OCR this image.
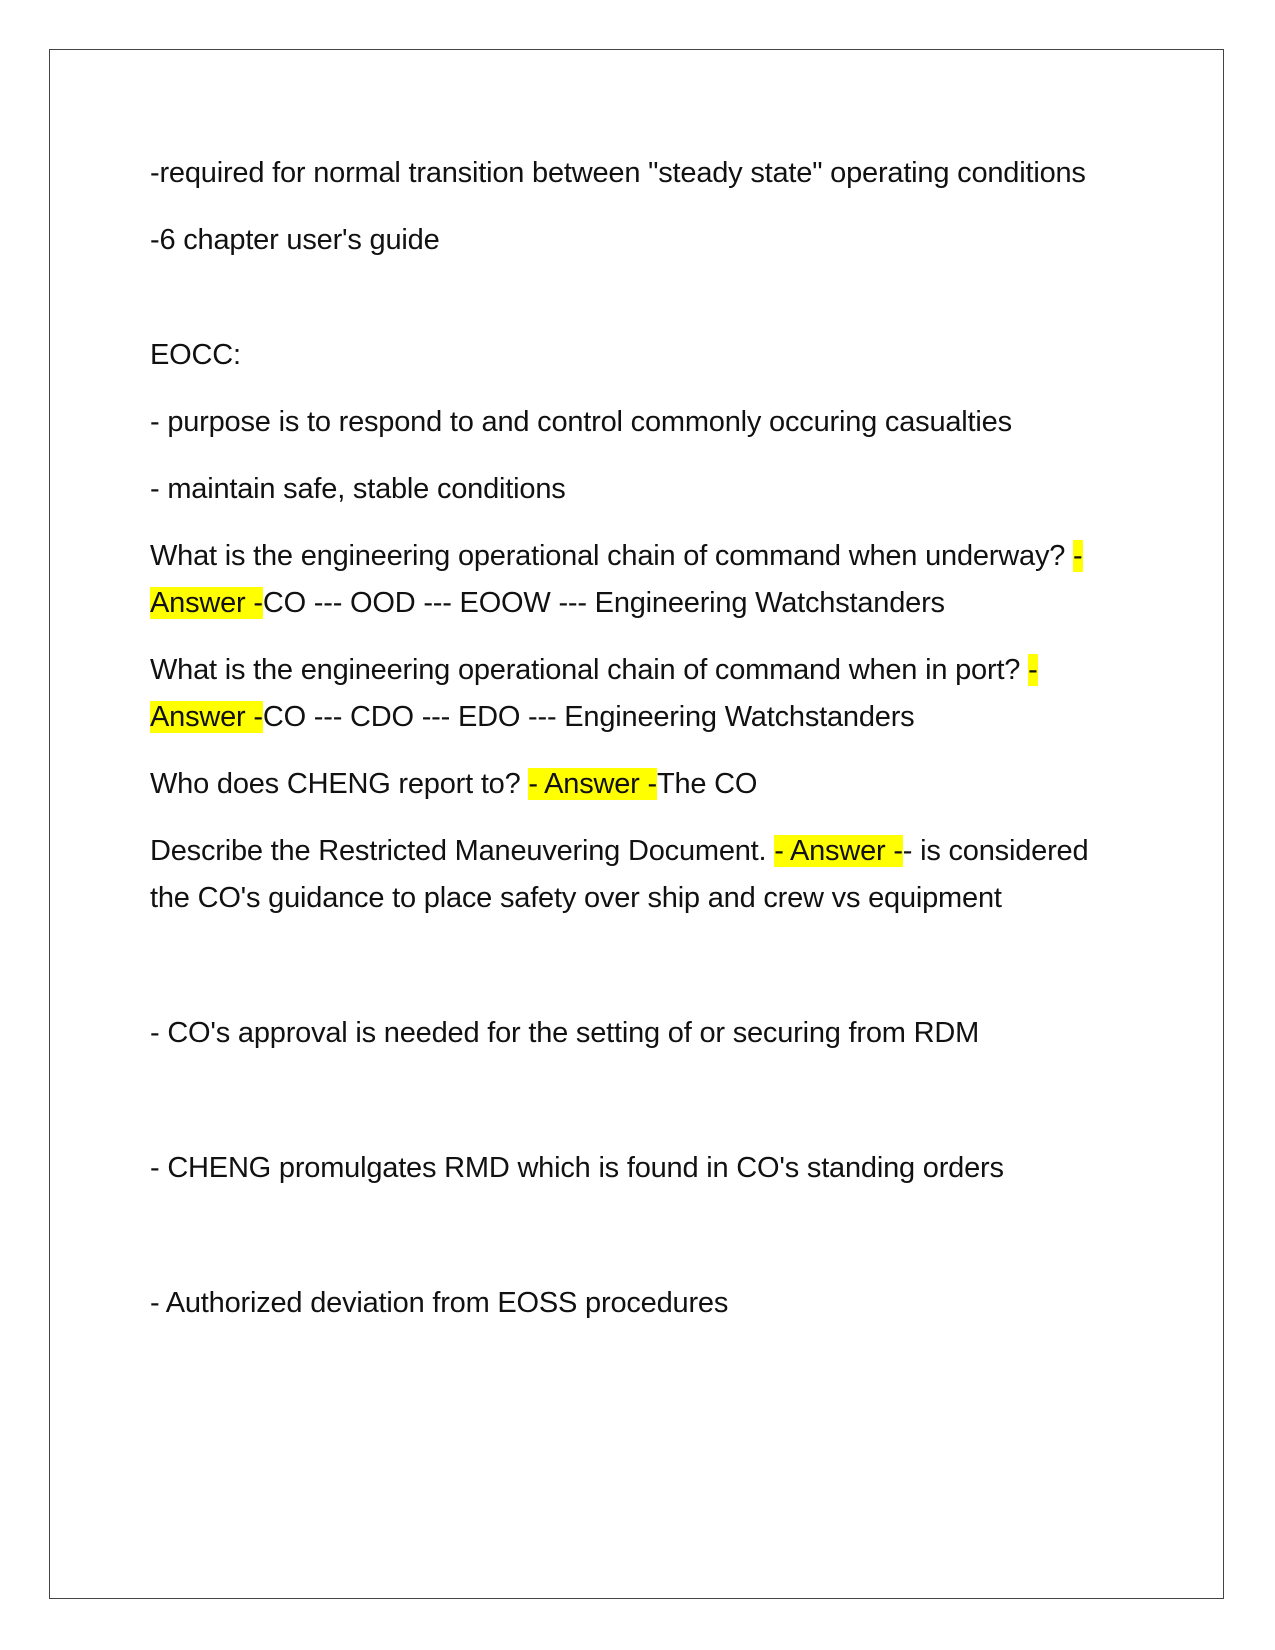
-required for normal transition between "steady state" operating conditions

-6 chapter user's guide

EOCC:

- purpose is to respond to and control commonly occuring casualties

- maintain safe, stable conditions

What is the engineering operational chain of command when underway? - Answer -CO --- OOD --- EOOW --- Engineering Watchstanders

What is the engineering operational chain of command when in port? - Answer -CO --- CDO --- EDO --- Engineering Watchstanders

Who does CHENG report to? - Answer -The CO

Describe the Restricted Maneuvering Document. - Answer -- is considered the CO's guidance to place safety over ship and crew vs equipment

- CO's approval is needed for the setting of or securing from RDM

- CHENG promulgates RMD which is found in CO's standing orders

- Authorized deviation from EOSS procedures
